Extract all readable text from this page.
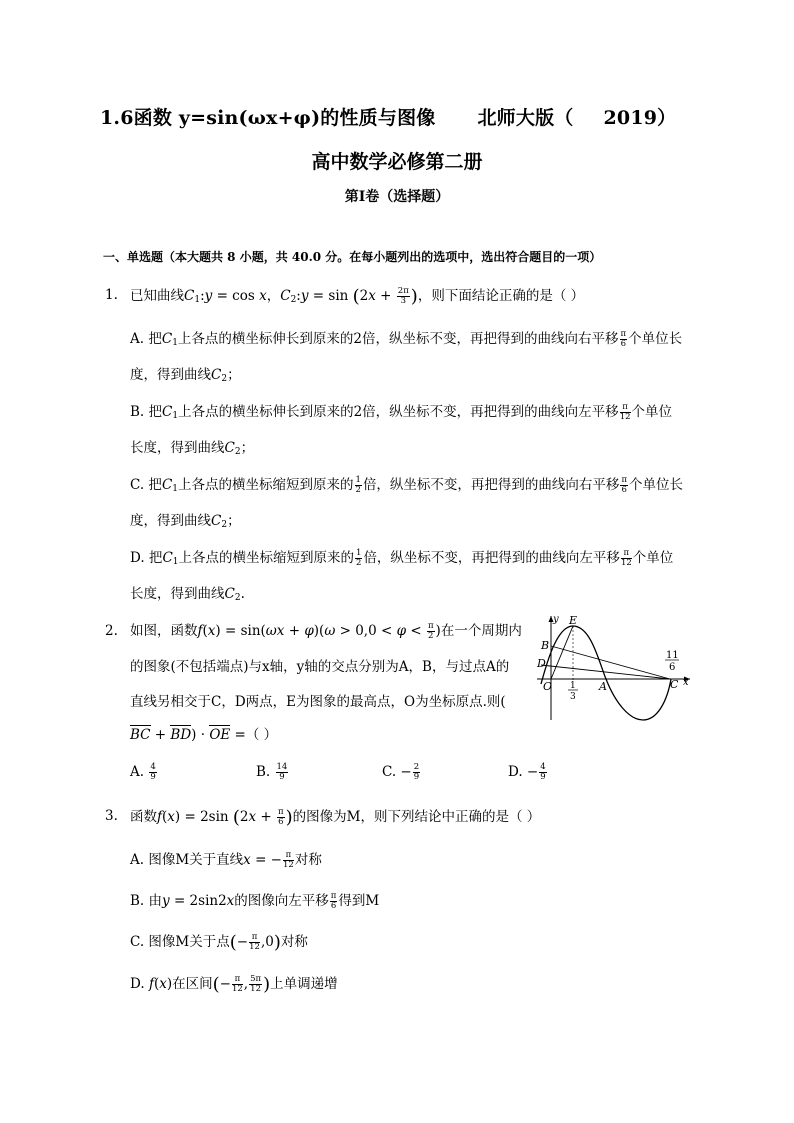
1.6函数 y=sin(ωx+φ)的性质与图像 北师大版（ 2019）
高中数学必修第二册
第I卷（选择题）
一、单选题（本大题共 8 小题，共 40.0 分。在每小题列出的选项中，选出符合题目的一项）
1. 已知曲线$C_1:y = \cos x$，$C_2:y = \sin (2x + \frac{2\pi}{3}$ )，则下面结论正确的是（ ）
A. 把$C_1$上各点的横坐标伸长到原来的2倍，纵坐标不变，再把得到的曲线向右平移 $\frac{\pi}{6}$ 个单位长
度，得到曲线$C_2$；
B. 把$C_1$上各点的横坐标伸长到原来的2倍，纵坐标不变，再把得到的曲线向左平移 $\frac{\pi}{12}$ 个单位
长度，得到曲线$C_2$；
C. 把$C_1$上各点的横坐标缩短到原来的 $\frac{1}{2}$ 倍，纵坐标不变，再把得到的曲线向右平移 $\frac{\pi}{6}$ 个单位长
度，得到曲线$C_2$；
D. 把$C_1$上各点的横坐标缩短到原来的 $\frac{1}{2}$ 倍，纵坐标不变，再把得到的曲线向左平移 $\frac{\pi}{12}$ 个单位
长度，得到曲线$C_2$.
2. 如图，函数$f(x) = \sin(\omega x + \varphi)(\omega > 0,0 < \varphi < \frac{\pi}{2}$ )在一个周期内
的图象(不包括端点)与x轴，y轴的交点分别为A，B，与过点A的
直线另相交于C，D两点，E为图象的最高点，O为坐标原点.则(
BC + BD) · OE =（ ）
A. $\frac{4}{9}$	B. $\frac{14}{9}$	C. − $\frac{2}{9}$	D. − $\frac{4}{9}$
y
x
E
B
D
O	A	C
1
3
11
6
3. 函数f(x) = 2sin ($2x + \frac{\pi}{6}$ )的图像为M，则下列结论中正确的是（ ）
A. 图像M关于直线x = − $\frac{\pi}{12}$ 对称
B. 由y = 2sin2x的图像向左平移 $\frac{\pi}{6}$ 得到M
C. 图像M关于点(− $\frac{\pi}{12} ,0$)对称
D. f(x)在区间(− $\frac{\pi}{12}$ , $\frac{5\pi}{12}$ )上单调递增
